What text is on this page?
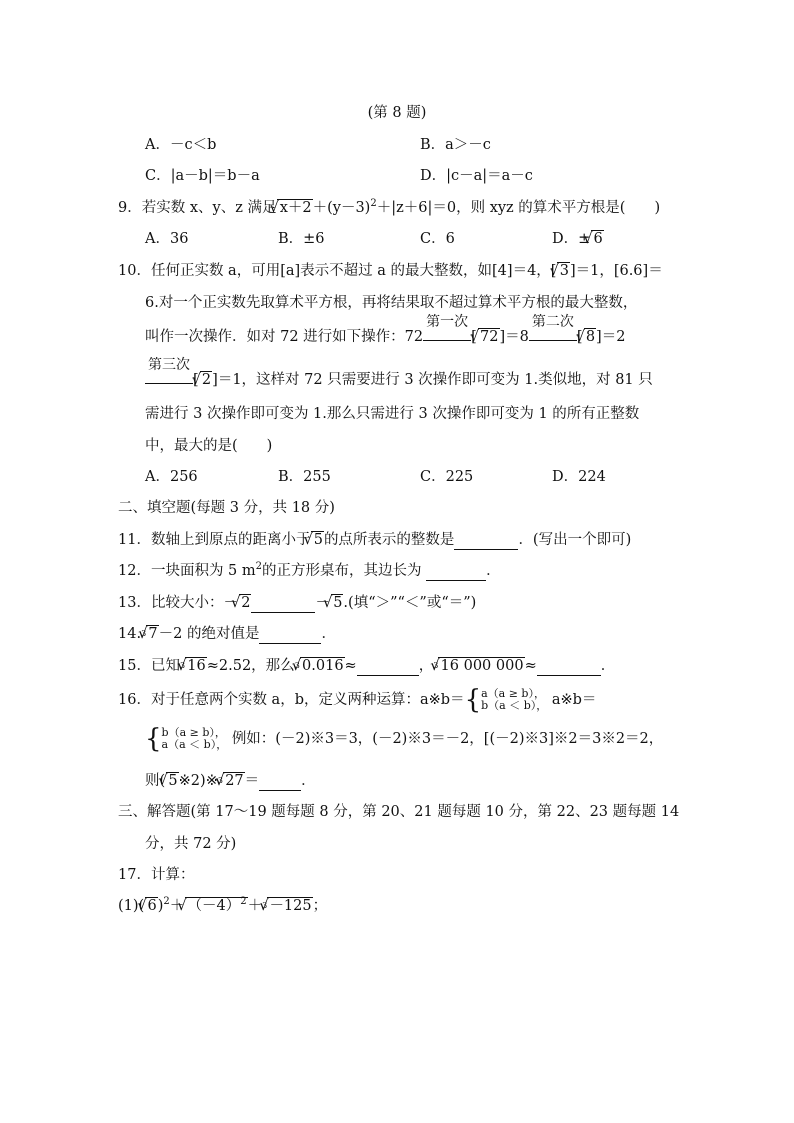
(第 8 题)
A．－c＜b	B．a＞－c
C．|a－b|＝b－a	D．|c－a|＝a－c
9．若实数 x、y、z 满足√ $x+2+(y-3)^2+|z+6|=0$，则 xyz 的算术平方根是(　　)
A．36	B．±6	C．6	D．±√ 6
10．任何正实数 a，可用[a]表示不超过 a 的最大整数，如[4]＝4，[√ 3]＝1，[6.6]＝
6.对一个正实数先取算术平方根，再将结果取不超过算术平方根的最大整数，
叫作一次操作．如对 72 进行如下操作：72
第一次
[√ 72]＝8
第二次
[√ 8]＝2
第三次
[√ 2]＝1，这样对 72 只需要进行 3 次操作即可变为 1.类似地，对 81 只
需进行 3 次操作即可变为 1.那么只需进行 3 次操作即可变为 1 的所有正整数
中，最大的是(　　)
A．256	B．255	C．225	D．224
二、填空题(每题 3 分，共 18 分)
11．数轴上到原点的距离小于√ 5的点所表示的整数是	．(写出一个即可)
12．一块面积为 5 $m^2$的正方形桌布，其边长为	．
13．比较大小：－√ 2	－√ 5.(填“＞”“＜”或“＝”)
14.$^3$√ 7－2 的绝对值是	．
15．已知$^3$√ 16≈2.52，那么$^3$√ 0.016≈	，$^3$√ 16 000 000≈	．
16．对于任意两个实数 a，b，定义两种运算：a※b＝{a（a ≥ b），
b（a ＜ b）， a※b＝
{b（a ≥ b），
a（a ＜ b）， 例如：(－2)※3＝3，(－2)※3＝－2，[(－2)※3]※2＝3※2＝2，
则(√ 5※2)※$^3$√ 27＝	．
三、解答题(第 17～19 题每题 8 分，第 20、21 题每题 10 分，第 22、23 题每题 14
分，共 72 分)
17．计算：
(1)(√ 6)$^2$＋√ $(-4)^2+^3√ -125$；
